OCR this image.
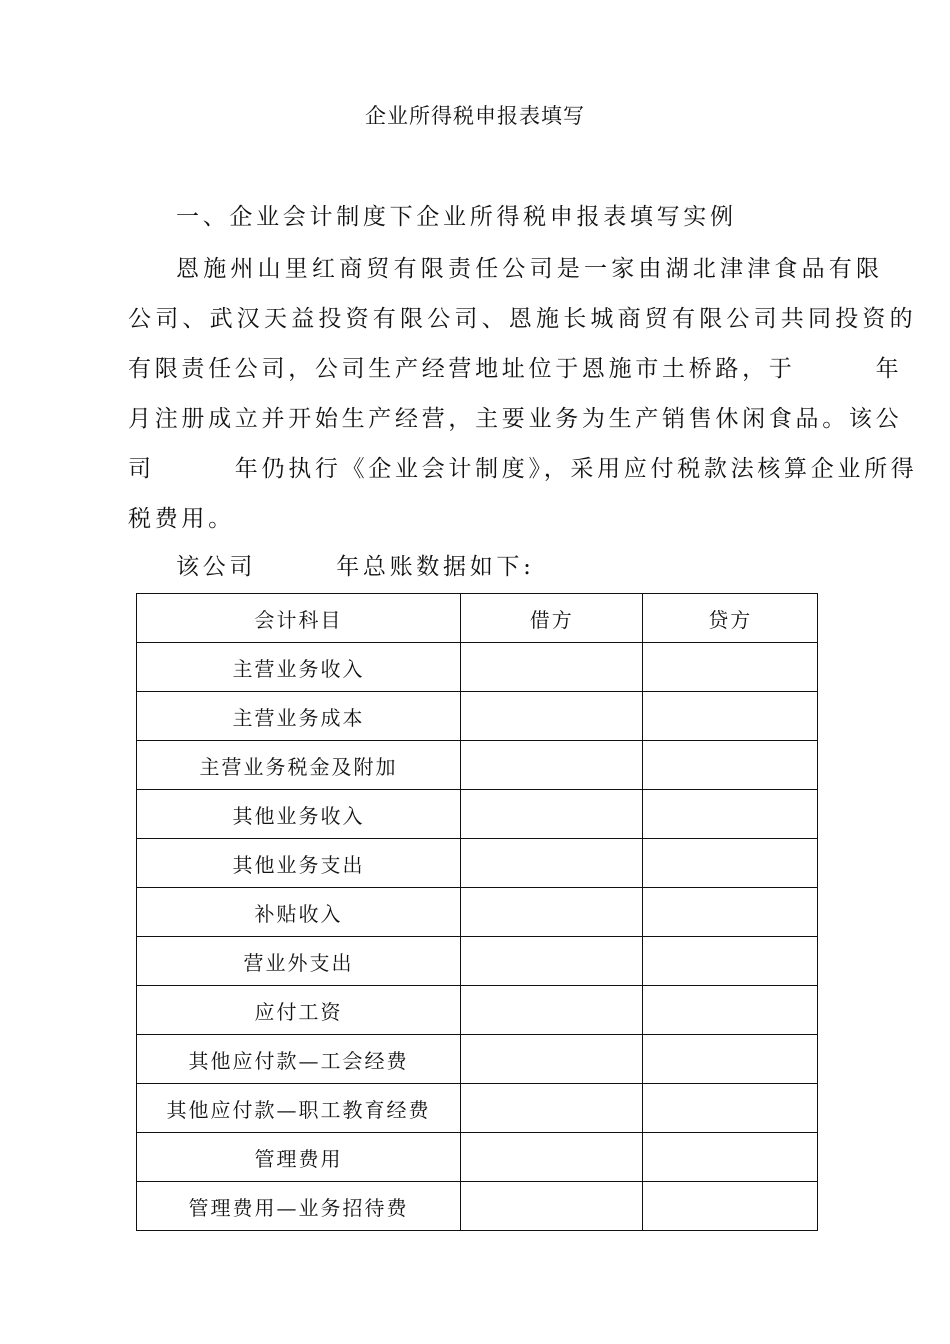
企业所得税申报表填写
一、企业会计制度下企业所得税申报表填写实例
恩施州山里红商贸有限责任公司是一家由湖北津津食品有限
公司、武汉天益投资有限公司、恩施长城商贸有限公司共同投资的
有限责任公司，公司生产经营地址位于恩施市土桥路，于　　　年
月注册成立并开始生产经营，主要业务为生产销售休闲食品。该公
司　　　年仍执行《企业会计制度》，采用应付税款法核算企业所得
税费用。
该公司　　　年总账数据如下:
会计科目	借方	贷方
主营业务收入		
主营业务成本		
主营业务税金及附加		
其他业务收入		
其他业务支出		
补贴收入		
营业外支出		
应付工资		
其他应付款—工会经费		
其他应付款—职工教育经费		
管理费用		
管理费用—业务招待费		
